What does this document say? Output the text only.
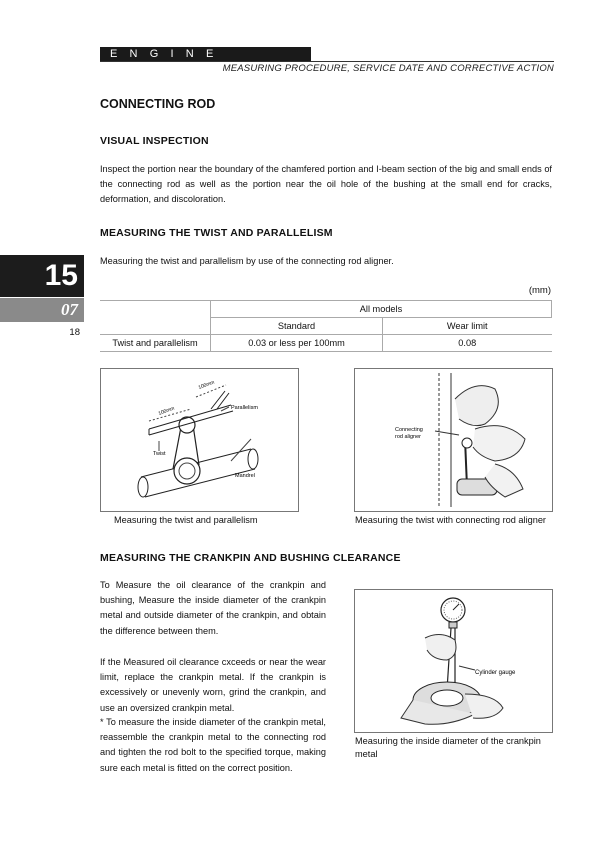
E    N    G    I    N    E
MEASURING PROCEDURE, SERVICE DATE AND CORRECTIVE ACTION
15
07
18
CONNECTING ROD
VISUAL INSPECTION
Inspect the portion near the boundary of the chamfered portion and I-beam section of the big and small ends of the connecting rod as well as the portion near the oil hole of the bushing at the small end for cracks, deformation, and discoloration.
MEASURING THE TWIST AND PARALLELISM
Measuring the twist and parallelism by use of the connecting rod aligner.
(mm)
	All models	
	Standard	Wear limit
Twist and parallelism	0.03 or less per 100mm	0.08
100mm
100mm
Parallelism
Twist
Mandrel
Measuring the twist and parallelism
Connecting
rod aligner
Measuring the twist with connecting rod aligner
MEASURING THE CRANKPIN AND BUSHING CLEARANCE
To Measure the oil clearance of the crankpin and bushing, Measure the inside diameter of the crankpin metal and outside diameter of the crankpin, and obtain the difference between them.
If the Measured oil clearance cxceeds or near the wear limit, replace the crankpin metal. If the crankpin is excessively or unevenly worn, grind the crankpin, and use an oversized crankpin metal.
* To measure the inside diameter of the crankpin metal, reassemble the crankpin metal to the connecting rod and tighten the rod bolt to the specified torque, making sure each metal is fitted on the correct position.
Cylinder gauge
Measuring the inside diameter of the crankpin metal
